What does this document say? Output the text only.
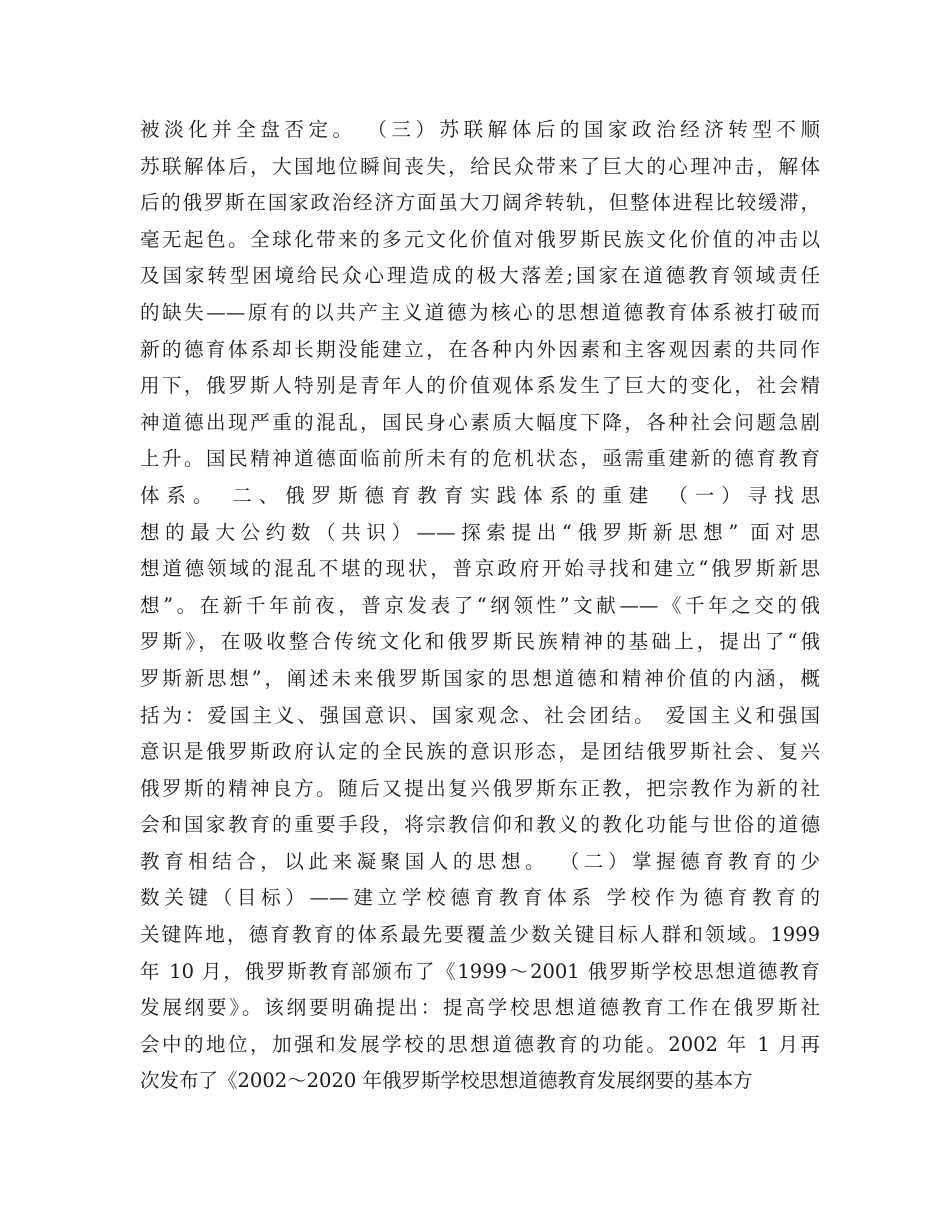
被淡化并全盘否定。 （三）苏联解体后的国家政治经济转型不顺
苏联解体后，大国地位瞬间丧失，给民众带来了巨大的心理冲击，解体
后的俄罗斯在国家政治经济方面虽大刀阔斧转轨，但整体进程比较缓滞，
毫无起色。全球化带来的多元文化价值对俄罗斯民族文化价值的冲击以
及国家转型困境给民众心理造成的极大落差;国家在道德教育领域责任
的缺失——原有的以共产主义道德为核心的思想道德教育体系被打破而
新的德育体系却长期没能建立，在各种内外因素和主客观因素的共同作
用下，俄罗斯人特别是青年人的价值观体系发生了巨大的变化，社会精
神道德出现严重的混乱，国民身心素质大幅度下降，各种社会问题急剧
上升。国民精神道德面临前所未有的危机状态，亟需重建新的德育教育
体系。 二、俄罗斯德育教育实践体系的重建 （一）寻找思
想的最大公约数（共识）——探索提出“俄罗斯新思想” 面对思
想道德领域的混乱不堪的现状，普京政府开始寻找和建立“俄罗斯新思
想”。在新千年前夜，普京发表了“纲领性”文献——《千年之交的俄
罗斯》，在吸收整合传统文化和俄罗斯民族精神的基础上，提出了“俄
罗斯新思想”，阐述未来俄罗斯国家的思想道德和精神价值的内涵，概
括为：爱国主义、强国意识、国家观念、社会团结。 爱国主义和强国
意识是俄罗斯政府认定的全民族的意识形态，是团结俄罗斯社会、复兴
俄罗斯的精神良方。随后又提出复兴俄罗斯东正教，把宗教作为新的社
会和国家教育的重要手段，将宗教信仰和教义的教化功能与世俗的道德
教育相结合，以此来凝聚国人的思想。 （二）掌握德育教育的少
数关键（目标）——建立学校德育教育体系 学校作为德育教育的
关键阵地，德育教育的体系最先要覆盖少数关键目标人群和领域。1999
年 10 月，俄罗斯教育部颁布了《1999～2001 俄罗斯学校思想道德教育
发展纲要》。该纲要明确提出：提高学校思想道德教育工作在俄罗斯社
会中的地位，加强和发展学校的思想道德教育的功能。2002 年 1 月再
次发布了《2002～2020 年俄罗斯学校思想道德教育发展纲要的基本方
